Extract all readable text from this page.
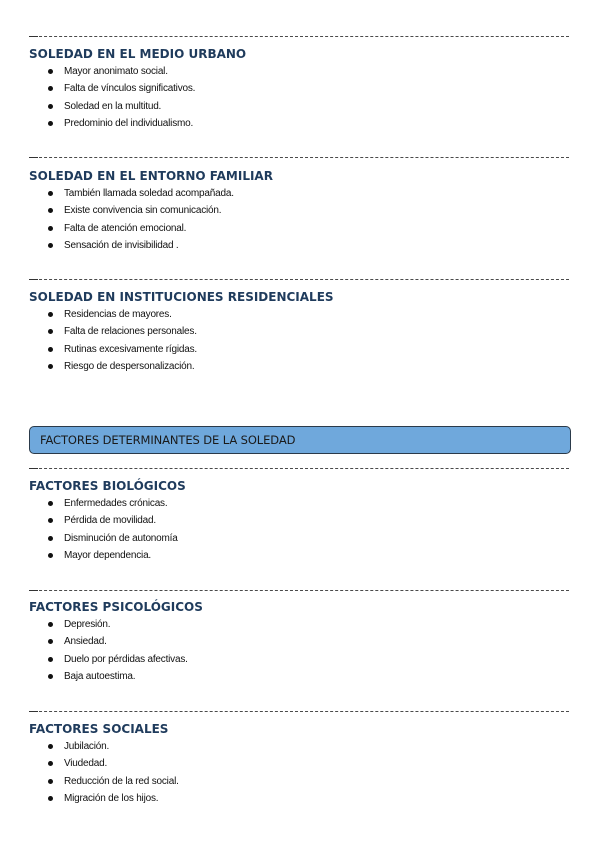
SOLEDAD EN EL MEDIO URBANO
Mayor anonimato social.
Falta de vínculos significativos.
Soledad en la multitud.
Predominio del individualismo.
SOLEDAD EN EL ENTORNO FAMILIAR
También llamada soledad acompañada.
Existe convivencia sin comunicación.
Falta de atención emocional.
Sensación de invisibilidad .
SOLEDAD EN INSTITUCIONES RESIDENCIALES
Residencias de mayores.
Falta de relaciones personales.
Rutinas excesivamente rígidas.
Riesgo de despersonalización.
FACTORES DETERMINANTES DE LA SOLEDAD
FACTORES BIOLÓGICOS
Enfermedades crónicas.
Pérdida de movilidad.
Disminución de autonomía
Mayor dependencia.
FACTORES PSICOLÓGICOS
Depresión.
Ansiedad.
Duelo por pérdidas afectivas.
Baja autoestima.
FACTORES SOCIALES
Jubilación.
Viudedad.
Reducción de la red social.
Migración de los hijos.
